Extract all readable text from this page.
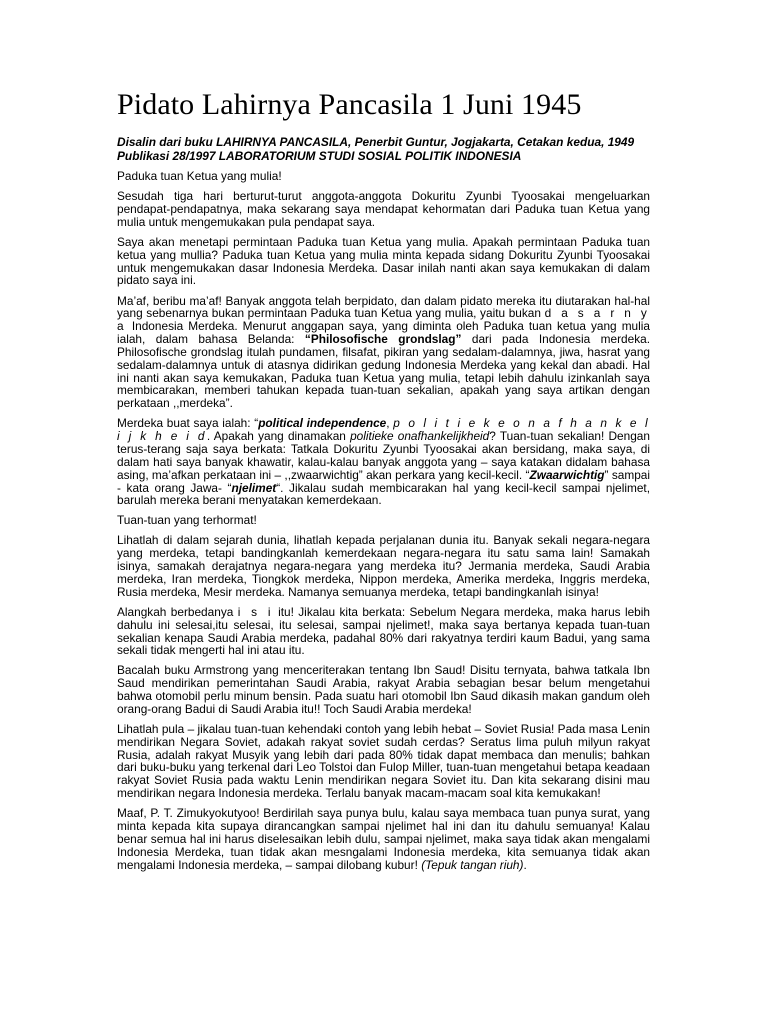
Pidato Lahirnya Pancasila 1 Juni 1945
Disalin dari buku LAHIRNYA PANCASILA, Penerbit Guntur, Jogjakarta, Cetakan kedua, 1949
Publikasi 28/1997 LABORATORIUM STUDI SOSIAL POLITIK INDONESIA

Paduka tuan Ketua yang mulia!

Sesudah tiga hari berturut-turut anggota-anggota Dokuritu Zyunbi Tyoosakai mengeluarkan pendapat-pendapatnya, maka sekarang saya mendapat kehormatan dari Paduka tuan Ketua yang mulia untuk mengemukakan pula pendapat saya.

Saya akan menetapi permintaan Paduka tuan Ketua yang mulia. Apakah permintaan Paduka tuan ketua yang mullia? Paduka tuan Ketua yang mulia minta kepada sidang Dokuritu Zyunbi Tyoosakai untuk mengemukakan dasar Indonesia Merdeka. Dasar inilah nanti akan saya kemukakan di dalam pidato saya ini.

Ma’af, beribu ma’af! Banyak anggota telah berpidato, dan dalam pidato mereka itu diutarakan hal-hal yang sebenarnya bukan permintaan Paduka tuan Ketua yang mulia, yaitu bukan d a s a r n y a Indonesia Merdeka. Menurut anggapan saya, yang diminta oleh Paduka tuan ketua yang mulia ialah, dalam bahasa Belanda: “Philosofische grondslag” dari pada Indonesia merdeka. Philosofische grondslag itulah pundamen, filsafat, pikiran yang sedalam-dalamnya, jiwa, hasrat yang sedalam-dalamnya untuk di atasnya didirikan gedung Indonesia Merdeka yang kekal dan abadi. Hal ini nanti akan saya kemukakan, Paduka tuan Ketua yang mulia, tetapi lebih dahulu izinkanlah saya membicarakan, memberi tahukan kepada tuan-tuan sekalian, apakah yang saya artikan dengan perkataan ,,merdeka”.

Merdeka buat saya ialah: “political independence, p o l i t i e k e o n a f h a n k e l i j k h e i d. Apakah yang dinamakan politieke onafhankelijkheid? Tuan-tuan sekalian! Dengan terus-terang saja saya berkata: Tatkala Dokuritu Zyunbi Tyoosakai akan bersidang, maka saya, di dalam hati saya banyak khawatir, kalau-kalau banyak anggota yang – saya katakan didalam bahasa asing, ma’afkan perkataan ini – ,,zwaarwichtig” akan perkara yang kecil-kecil. “Zwaarwichtig” sampai - kata orang Jawa- “njelimet“. Jikalau sudah membicarakan hal yang kecil-kecil sampai njelimet, barulah mereka berani menyatakan kemerdekaan.

Tuan-tuan yang terhormat!

Lihatlah di dalam sejarah dunia, lihatlah kepada perjalanan dunia itu. Banyak sekali negara-negara yang merdeka, tetapi bandingkanlah kemerdekaan negara-negara itu satu sama lain! Samakah isinya, samakah derajatnya negara-negara yang merdeka itu? Jermania merdeka, Saudi Arabia merdeka, Iran merdeka, Tiongkok merdeka, Nippon merdeka, Amerika merdeka, Inggris merdeka, Rusia merdeka, Mesir merdeka. Namanya semuanya merdeka, tetapi bandingkanlah isinya!

Alangkah berbedanya i s i itu! Jikalau kita berkata: Sebelum Negara merdeka, maka harus lebih dahulu ini selesai,itu selesai, itu selesai, sampai njelimet!, maka saya bertanya kepada tuan-tuan sekalian kenapa Saudi Arabia merdeka, padahal 80% dari rakyatnya terdiri kaum Badui, yang sama sekali tidak mengerti hal ini atau itu.

Bacalah buku Armstrong yang menceriterakan tentang Ibn Saud! Disitu ternyata, bahwa tatkala Ibn Saud mendirikan pemerintahan Saudi Arabia, rakyat Arabia sebagian besar belum mengetahui bahwa otomobil perlu minum bensin. Pada suatu hari otomobil Ibn Saud dikasih makan gandum oleh orang-orang Badui di Saudi Arabia itu!! Toch Saudi Arabia merdeka!

Lihatlah pula – jikalau tuan-tuan kehendaki contoh yang lebih hebat – Soviet Rusia! Pada masa Lenin mendirikan Negara Soviet, adakah rakyat soviet sudah cerdas? Seratus lima puluh milyun rakyat Rusia, adalah rakyat Musyik yang lebih dari pada 80% tidak dapat membaca dan menulis; bahkan dari buku-buku yang terkenal dari Leo Tolstoi dan Fulop Miller, tuan-tuan mengetahui betapa keadaan rakyat Soviet Rusia pada waktu Lenin mendirikan negara Soviet itu. Dan kita sekarang disini mau mendirikan negara Indonesia merdeka. Terlalu banyak macam-macam soal kita kemukakan!

Maaf, P. T. Zimukyokutyoo! Berdirilah saya punya bulu, kalau saya membaca tuan punya surat, yang minta kepada kita supaya dirancangkan sampai njelimet hal ini dan itu dahulu semuanya! Kalau benar semua hal ini harus diselesaikan lebih dulu, sampai njelimet, maka saya tidak akan mengalami Indonesia Merdeka, tuan tidak akan mesngalami Indonesia merdeka, kita semuanya tidak akan mengalami Indonesia merdeka, – sampai dilobang kubur! (Tepuk tangan riuh).
